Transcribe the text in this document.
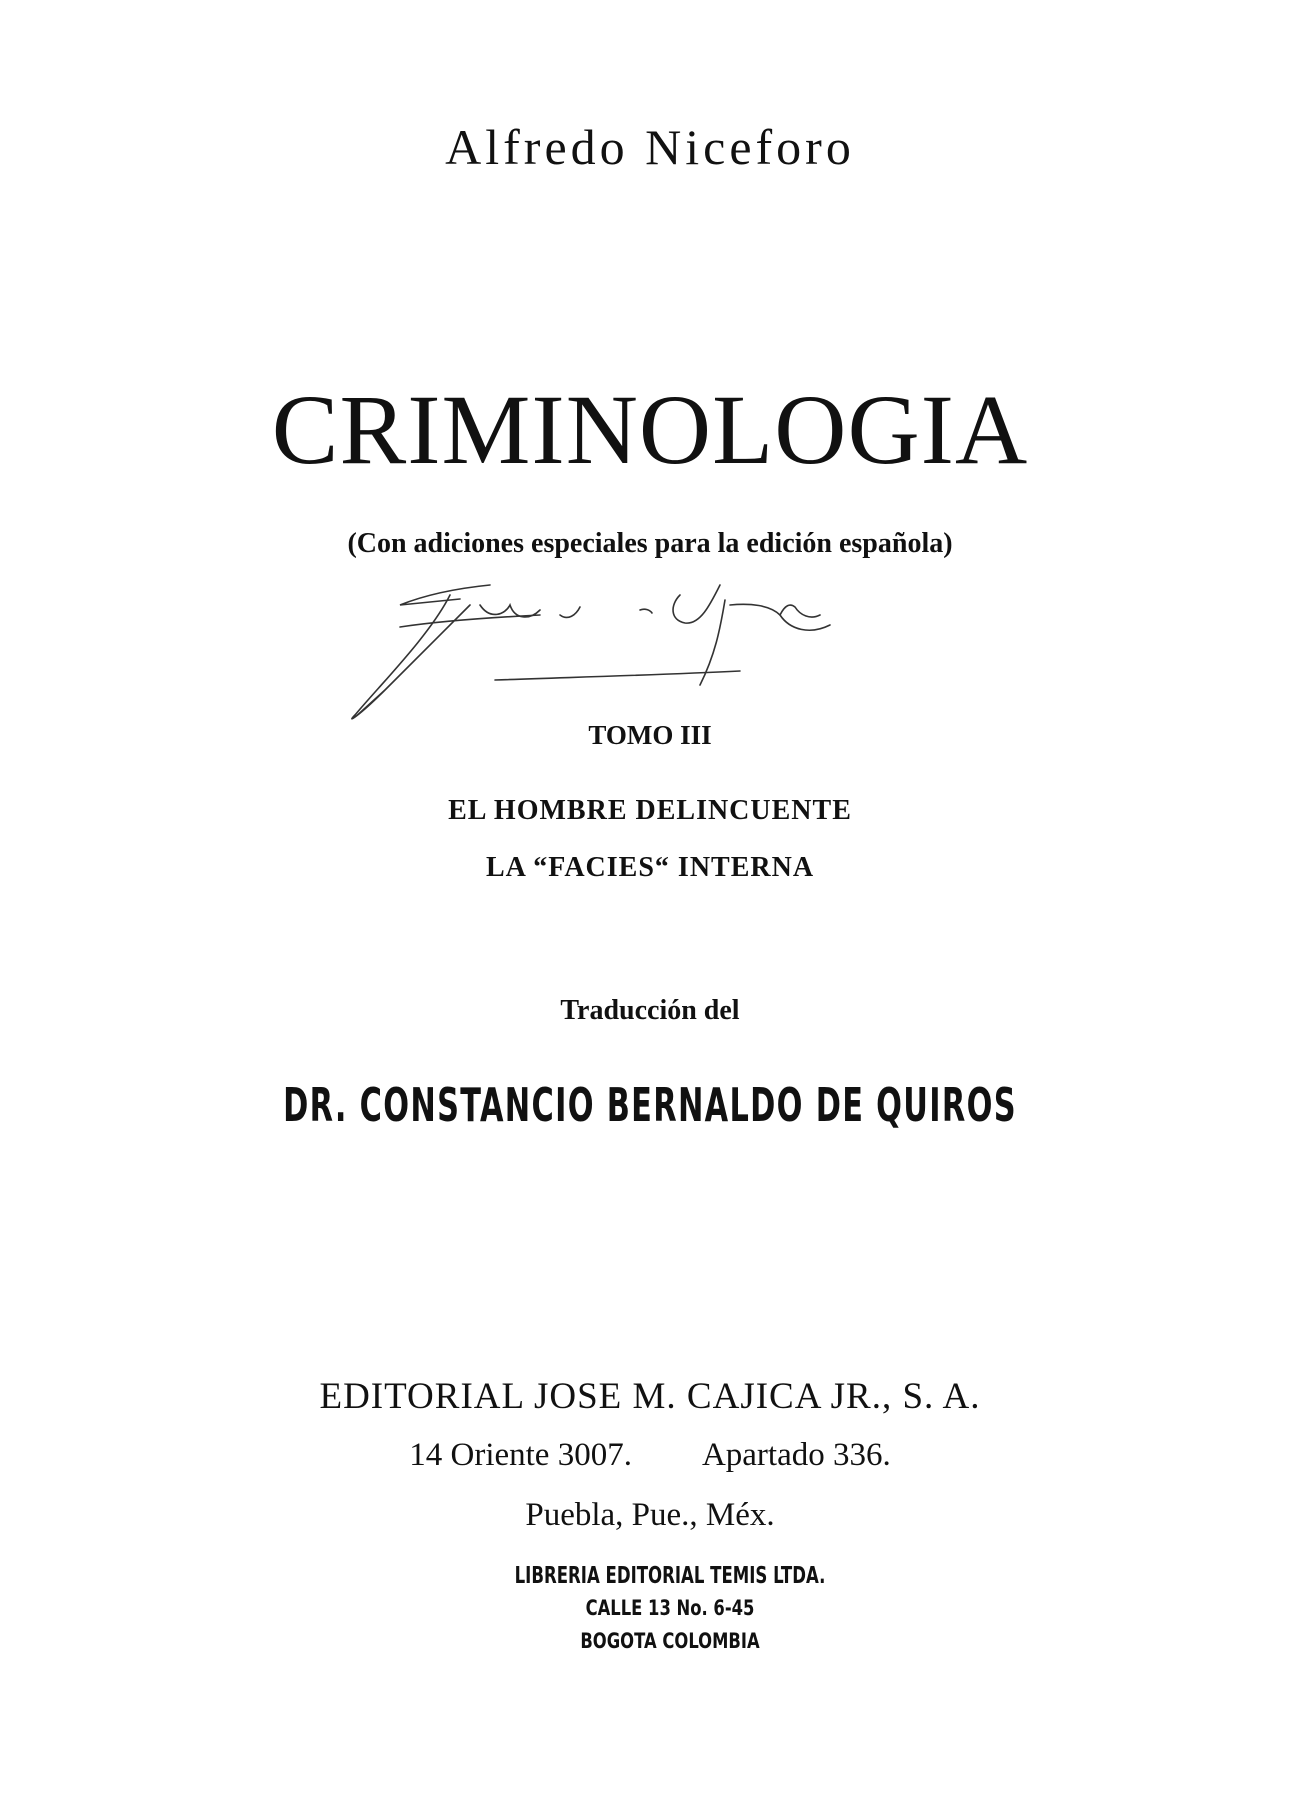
Alfredo Niceforo
CRIMINOLOGIA
(Con adiciones especiales para la edición española)
TOMO III
EL HOMBRE DELINCUENTE
LA “FACIES“ INTERNA
Traducción del
DR. CONSTANCIO BERNALDO DE QUIROS
EDITORIAL JOSE M. CAJICA JR., S. A.
14 Oriente 3007. Apartado 336.
Puebla, Pue., Méx.
LIBRERIA EDITORIAL TEMIS LTDA.
CALLE 13 No. 6-45
BOGOTA COLOMBIA
